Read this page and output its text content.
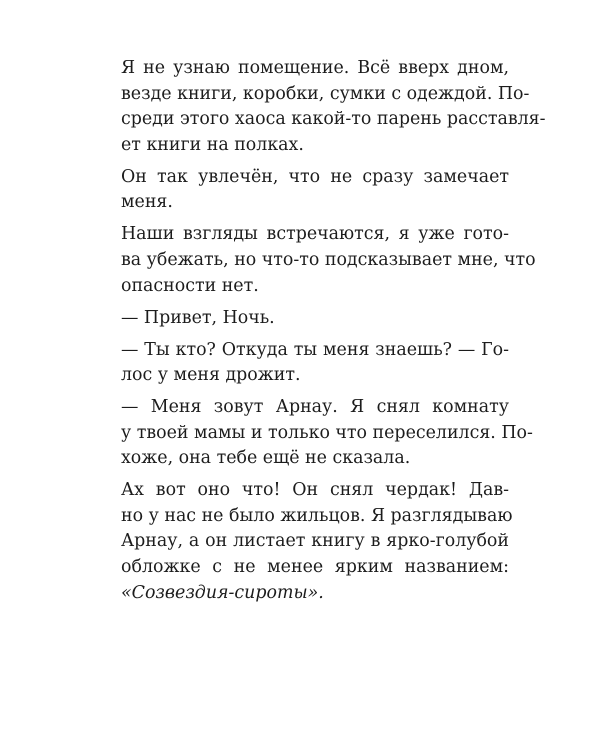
Я не узнаю помещение. Всё вверх дном,
везде книги, коробки, сумки с одеждой. По-
среди этого хаоса какой-то парень расставля-
ет книги на полках.

Он так увлечён, что не сразу замечает
меня.

Наши взгляды встречаются, я уже гото-
ва убежать, но что-то подсказывает мне, что
опасности нет.

— Привет, Ночь.

— Ты кто? Откуда ты меня знаешь? — Го-
лос у меня дрожит.

— Меня зовут Арнау. Я снял комнату
у твоей мамы и только что переселился. По-
хоже, она тебе ещё не сказала.

Ах вот оно что! Он снял чердак! Дав-
но у нас не было жильцов. Я разглядываю
Арнау, а он листает книгу в ярко-голубой
обложке с не менее ярким названием:
«Созвездия-сироты».
